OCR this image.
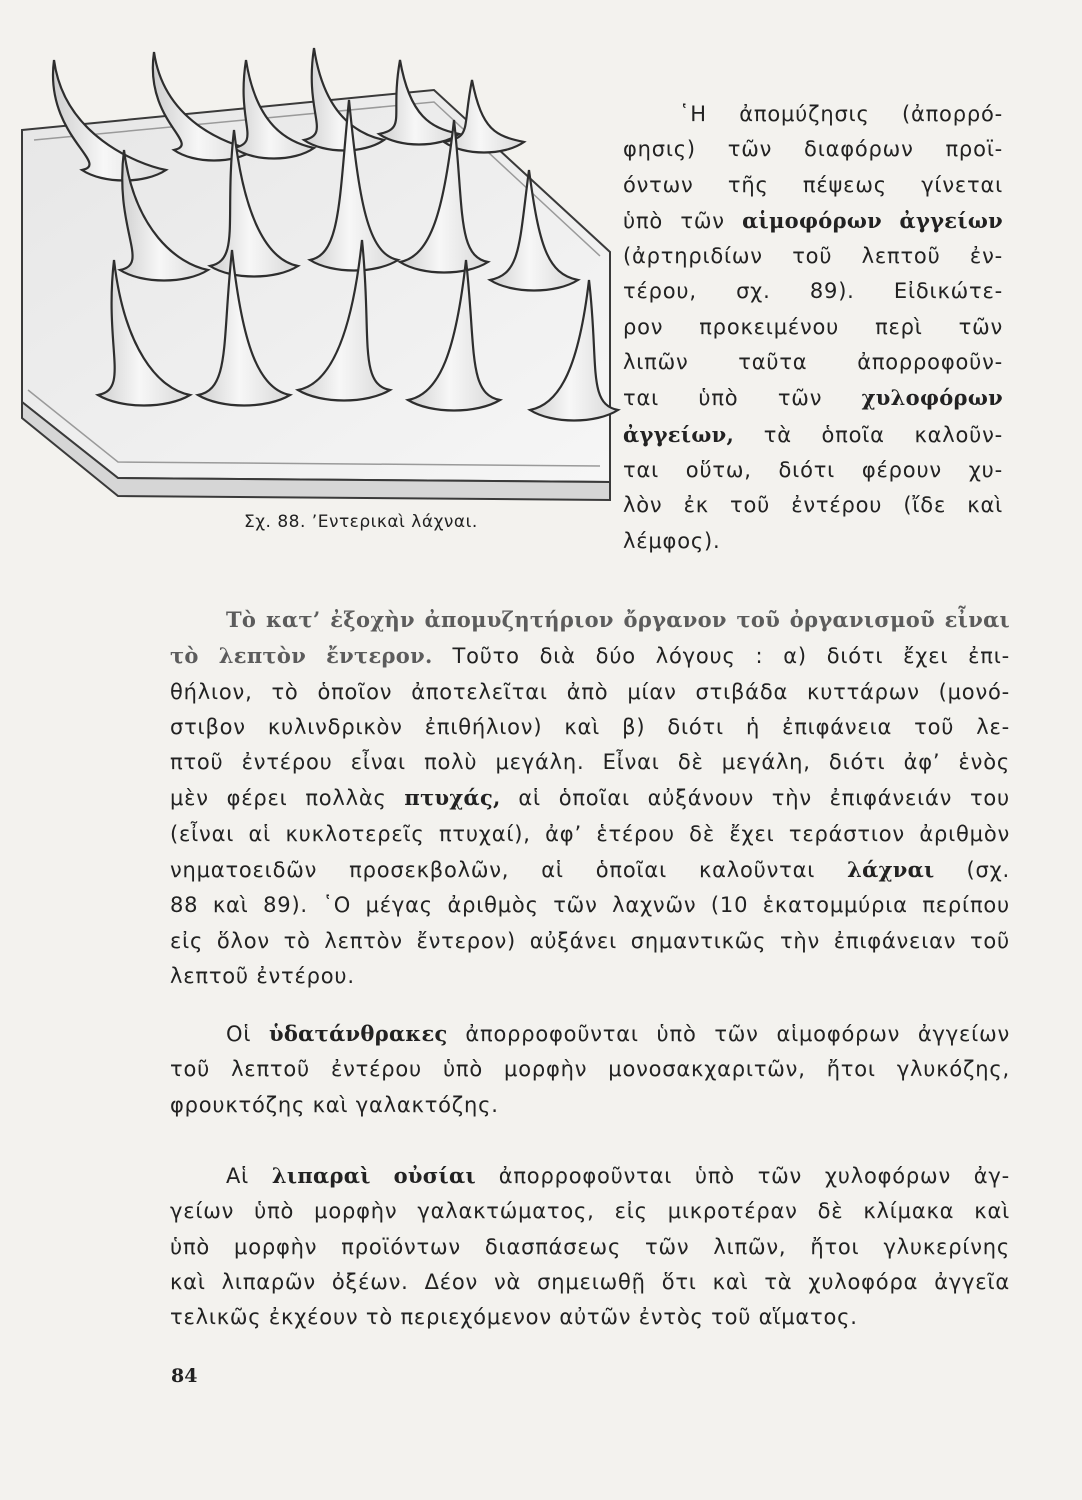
Σχ. 88. ’Εντερικαὶ λάχναι.
῾Η ἀπομύζησις (ἀπορρό-
φησις) τῶν διαφόρων προϊ-
όντων τῆς πέψεως γίνεται
ὑπὸ τῶν αἱμοφόρων ἀγγείων
(ἀρτηριδίων τοῦ λεπτοῦ ἐν-
τέρου, σχ. 89). Εἰδικώτε-
ρον προκειμένου περὶ τῶν
λιπῶν ταῦτα ἀπορροφοῦν-
ται ὑπὸ τῶν χυλοφόρων
ἀγγείων, τὰ ὁποῖα καλοῦν-
ται οὕτω, διότι φέρουν χυ-
λὸν ἐκ τοῦ ἐντέρου (ἴδε καὶ
λέμφος).
Τὸ κατ’ ἐξοχὴν ἀπομυζητήριον ὄργανον τοῦ ὀργανισμοῦ εἶναι
τὸ λεπτὸν ἔντερον. Τοῦτο διὰ δύο λόγους : α) διότι ἔχει ἐπι-
θήλιον, τὸ ὁποῖον ἀποτελεῖται ἀπὸ μίαν στιβάδα κυττάρων (μονό-
στιβον κυλινδρικὸν ἐπιθήλιον) καὶ β) διότι ἡ ἐπιφάνεια τοῦ λε-
πτοῦ ἐντέρου εἶναι πολὺ μεγάλη. Εἶναι δὲ μεγάλη, διότι ἀφ’ ἑνὸς
μὲν φέρει πολλὰς πτυχάς, αἱ ὁποῖαι αὐξάνουν τὴν ἐπιφάνειάν του
(εἶναι αἱ κυκλοτερεῖς πτυχαί), ἀφ’ ἑτέρου δὲ ἔχει τεράστιον ἀριθμὸν
νηματοειδῶν προσεκβολῶν, αἱ ὁποῖαι καλοῦνται λάχναι (σχ.
88 καὶ 89). ῾Ο μέγας ἀριθμὸς τῶν λαχνῶν (10 ἑκατομμύρια περίπου
εἰς ὅλον τὸ λεπτὸν ἔντερον) αὐξάνει σημαντικῶς τὴν ἐπιφάνειαν τοῦ
λεπτοῦ ἐντέρου.
Οἱ ὑδατάνθρακες ἀπορροφοῦνται ὑπὸ τῶν αἱμοφόρων ἀγγείων
τοῦ λεπτοῦ ἐντέρου ὑπὸ μορφὴν μονοσακχαριτῶν, ἤτοι γλυκόζης,
φρουκτόζης καὶ γαλακτόζης.
Αἱ λιπαραὶ οὐσίαι ἀπορροφοῦνται ὑπὸ τῶν χυλοφόρων ἀγ-
γείων ὑπὸ μορφὴν γαλακτώματος, εἰς μικροτέραν δὲ κλίμακα καὶ
ὑπὸ μορφὴν προϊόντων διασπάσεως τῶν λιπῶν, ἤτοι γλυκερίνης
καὶ λιπαρῶν ὀξέων. Δέον νὰ σημειωθῇ ὅτι καὶ τὰ χυλοφόρα ἀγγεῖα
τελικῶς ἐκχέουν τὸ περιεχόμενον αὐτῶν ἐντὸς τοῦ αἵματος.
84
